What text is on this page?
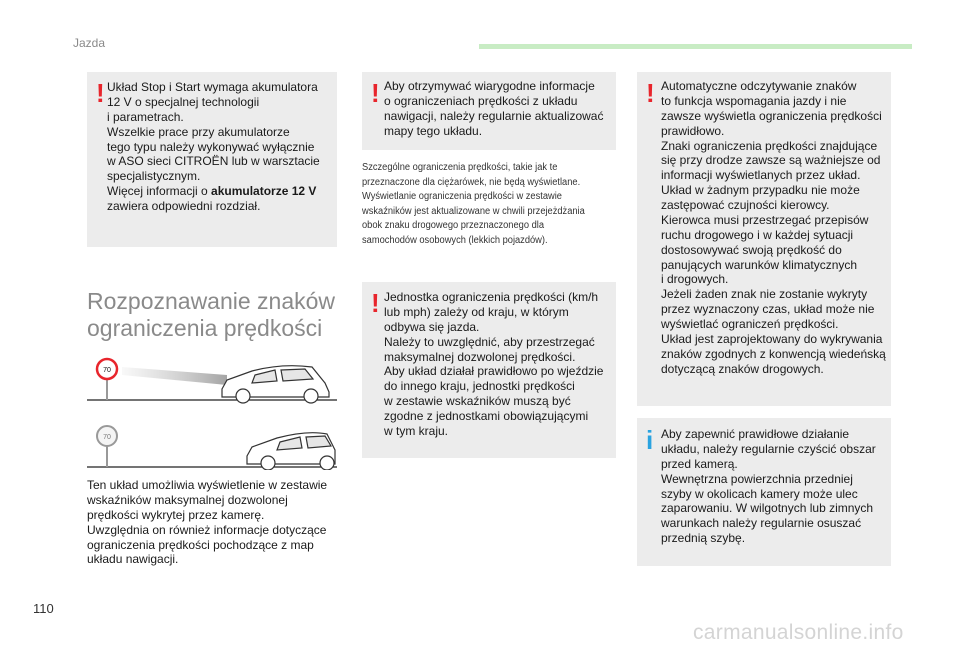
Jazda
! Układ Stop i Start wymaga akumulatora
12 V o specjalnej technologii
i parametrach.
Wszelkie prace przy akumulatorze
tego typu należy wykonywać wyłącznie
w ASO sieci CITROËN lub w warsztacie
specjalistycznym.
Więcej informacji o akumulatorze 12 V
zawiera odpowiedni rozdział.
Rozpoznawanie znaków
ograniczenia prędkości
70
70
Ten układ umożliwia wyświetlenie w zestawie
wskaźników maksymalnej dozwolonej
prędkości wykrytej przez kamerę.
Uwzględnia on również informacje dotyczące
ograniczenia prędkości pochodzące z map
układu nawigacji.
! Aby otrzymywać wiarygodne informacje
o ograniczeniach prędkości z układu
nawigacji, należy regularnie aktualizować
mapy tego układu.
Szczególne ograniczenia prędkości, takie jak te
przeznaczone dla ciężarówek, nie będą wyświetlane.
Wyświetlanie ograniczenia prędkości w zestawie
wskaźników jest aktualizowane w chwili przejeżdżania
obok znaku drogowego przeznaczonego dla
samochodów osobowych (lekkich pojazdów).
! Jednostka ograniczenia prędkości (km/h
lub mph) zależy od kraju, w którym
odbywa się jazda.
Należy to uwzględnić, aby przestrzegać
maksymalnej dozwolonej prędkości.
Aby układ działał prawidłowo po wjeździe
do innego kraju, jednostki prędkości
w zestawie wskaźników muszą być
zgodne z jednostkami obowiązującymi
w tym kraju.
! Automatyczne odczytywanie znaków
to funkcja wspomagania jazdy i nie
zawsze wyświetla ograniczenia prędkości
prawidłowo.
Znaki ograniczenia prędkości znajdujące
się przy drodze zawsze są ważniejsze od
informacji wyświetlanych przez układ.
Układ w żadnym przypadku nie może
zastępować czujności kierowcy.
Kierowca musi przestrzegać przepisów
ruchu drogowego i w każdej sytuacji
dostosowywać swoją prędkość do
panujących warunków klimatycznych
i drogowych.
Jeżeli żaden znak nie zostanie wykryty
przez wyznaczony czas, układ może nie
wyświetlać ograniczeń prędkości.
Układ jest zaprojektowany do wykrywania
znaków zgodnych z konwencją wiedeńską
dotyczącą znaków drogowych.
i Aby zapewnić prawidłowe działanie
układu, należy regularnie czyścić obszar
przed kamerą.
Wewnętrzna powierzchnia przedniej
szyby w okolicach kamery może ulec
zaparowaniu. W wilgotnych lub zimnych
warunkach należy regularnie osuszać
przednią szybę.
110
carmanualsonline.info
